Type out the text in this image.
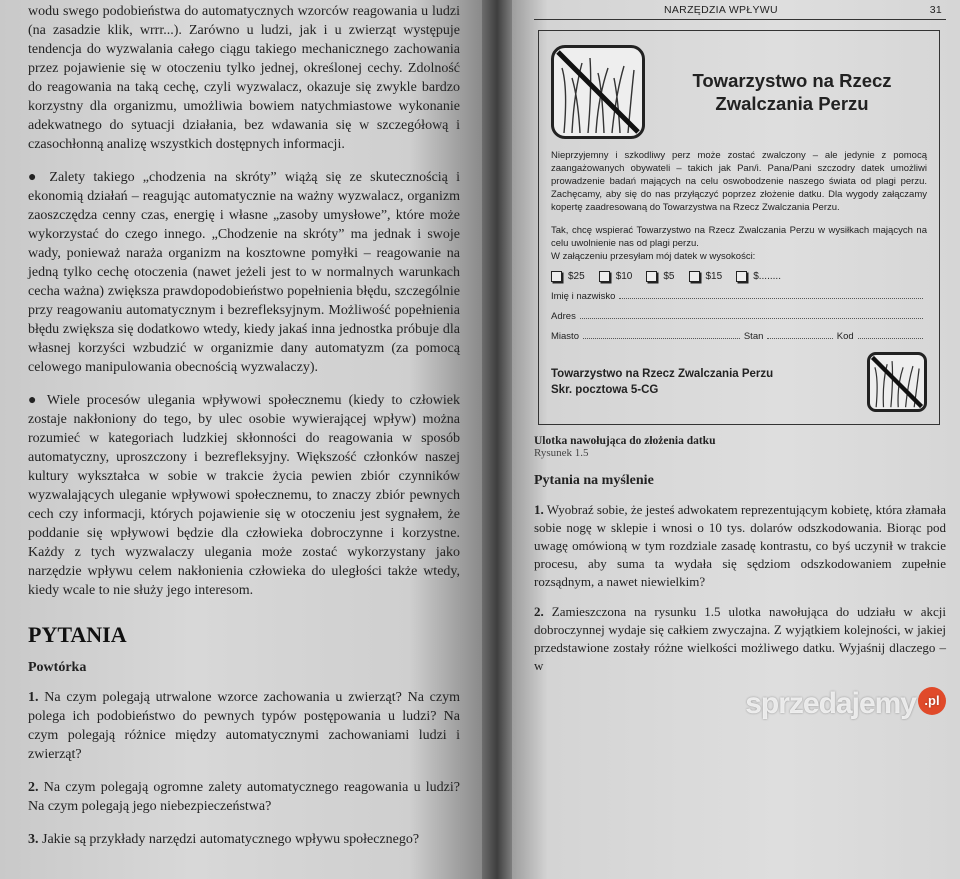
wodu swego podobieństwa do automatycznych wzorców reagowania u ludzi (na zasadzie klik, wrrr...). Zarówno u ludzi, jak i u zwierząt występuje tendencja do wyzwalania całego ciągu takiego mechanicznego zachowania przez pojawienie się w otoczeniu tylko jednej, określonej cechy. Zdolność do reagowania na taką cechę, czyli wyzwalacz, okazuje się zwykle bardzo korzystny dla organizmu, umożliwia bowiem natychmiastowe wykonanie adekwatnego do sytuacji działania, bez wdawania się w szczegółową i czasochłonną analizę wszystkich dostępnych informacji.

● Zalety takiego „chodzenia na skróty” wiążą się ze skutecznością i ekonomią działań – reagując automatycznie na ważny wyzwalacz, organizm zaoszczędza cenny czas, energię i własne „zasoby umysłowe”, które może wykorzystać do czego innego. „Chodzenie na skróty” ma jednak i swoje wady, ponieważ naraża organizm na kosztowne pomyłki – reagowanie na jedną tylko cechę otoczenia (nawet jeżeli jest to w normalnych warunkach cecha ważna) zwiększa prawdopodobieństwo popełnienia błędu, szczególnie przy reagowaniu automatycznym i bezrefleksyjnym. Możliwość popełnienia błędu zwiększa się dodatkowo wtedy, kiedy jakaś inna jednostka próbuje dla własnej korzyści wzbudzić w organizmie dany automatyzm (za pomocą celowego manipulowania obecnością wyzwalaczy).

● Wiele procesów ulegania wpływowi społecznemu (kiedy to człowiek zostaje nakłoniony do tego, by ulec osobie wywierającej wpływ) można rozumieć w kategoriach ludzkiej skłonności do reagowania w sposób automatyczny, uproszczony i bezrefleksyjny. Większość członków naszej kultury wykształca w sobie w trakcie życia pewien zbiór czynników wyzwalających uleganie wpływowi społecznemu, to znaczy zbiór pewnych cech czy informacji, których pojawienie się w otoczeniu jest sygnałem, że poddanie się wpływowi będzie dla człowieka dobroczynne i korzystne. Każdy z tych wyzwalaczy ulegania może zostać wykorzystany jako narzędzie wpływu celem nakłonienia człowieka do uległości także wtedy, kiedy wcale to nie służy jego interesom.

PYTANIA
Powtórka

1. Na czym polegają utrwalone wzorce zachowania u zwierząt? Na czym polega ich podobieństwo do pewnych typów postępowania u ludzi? Na czym polegają różnice między automatycznymi zachowaniami ludzi i zwierząt?

2. Na czym polegają ogromne zalety automatycznego reagowania u ludzi? Na czym polegają jego niebezpieczeństwa?

3. Jakie są przykłady narzędzi automatycznego wpływu społecznego?

NARZĘDZIA WPŁYWU	31
Towarzystwo na Rzecz Zwalczania Perzu

Nieprzyjemny i szkodliwy perz może zostać zwalczony – ale jedynie z pomocą zaangażowanych obywateli – takich jak Pan/i. Pana/Pani szczodry datek umożliwi prowadzenie badań mających na celu oswobodzenie naszego świata od plagi perzu. Zachęcamy, aby się do nas przyłączyć poprzez złożenie datku. Dla wygody załączamy kopertę zaadresowaną do Towarzystwa na Rzecz Zwalczania Perzu.

Tak, chcę wspierać Towarzystwo na Rzecz Zwalczania Perzu w wysiłkach mających na celu uwolnienie nas od plagi perzu.

W załączeniu przesyłam mój datek w wysokości:

$25	$10	$5	$15	$........
Imię i nazwisko
Adres
Miasto	Stan	Kod
Towarzystwo na Rzecz Zwalczania Perzu
Skr. pocztowa 5-CG
Ulotka nawołująca do złożenia datku
Rysunek 1.5
Pytania na myślenie

1. Wyobraź sobie, że jesteś adwokatem reprezentującym kobietę, która złamała sobie nogę w sklepie i wnosi o 10 tys. dolarów odszkodowania. Biorąc pod uwagę omówioną w tym rozdziale zasadę kontrastu, co byś uczynił w trakcie procesu, aby suma ta wydała się sędziom odszkodowaniem zupełnie rozsądnym, a nawet niewielkim?

2. Zamieszczona na rysunku 1.5 ulotka nawołująca do udziału w akcji dobroczynnej wydaje się całkiem zwyczajna. Z wyjątkiem kolejności, w jakiej przedstawione zostały różne wielkości możliwego datku. Wyjaśnij dlaczego – w

sprzedajemy .pl
